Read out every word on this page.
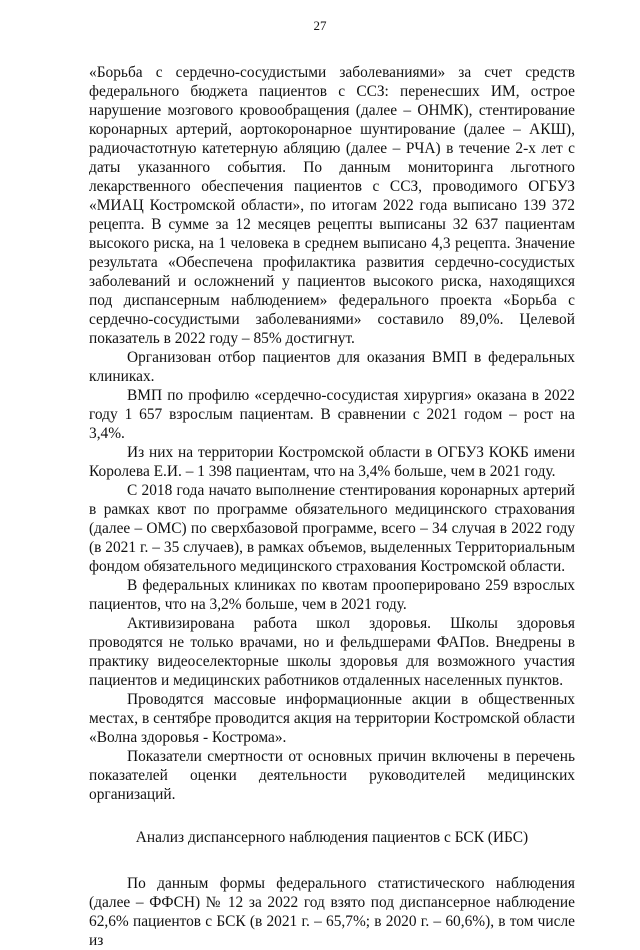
27

«Борьба с сердечно-сосудистыми заболеваниями» за счет средств федерального бюджета пациентов с ССЗ: перенесших ИМ, острое нарушение мозгового кровообращения (далее – ОНМК), стентирование коронарных артерий, аортокоронарное шунтирование (далее – АКШ), радиочастотную катетерную абляцию (далее – РЧА) в течение 2-х лет с даты указанного события. По данным мониторинга льготного лекарственного обеспечения пациентов с ССЗ, проводимого ОГБУЗ «МИАЦ Костромской области», по итогам 2022 года выписано 139 372 рецепта. В сумме за 12 месяцев рецепты выписаны 32 637 пациентам высокого риска, на 1 человека в среднем выписано 4,3 рецепта. Значение результата «Обеспечена профилактика развития сердечно-сосудистых заболеваний и осложнений у пациентов высокого риска, находящихся под диспансерным наблюдением» федерального проекта «Борьба с сердечно-сосудистыми заболеваниями» составило 89,0%. Целевой показатель в 2022 году – 85% достигнут.

Организован отбор пациентов для оказания ВМП в федеральных клиниках.

ВМП по профилю «сердечно-сосудистая хирургия» оказана в 2022 году 1 657 взрослым пациентам. В сравнении с 2021 годом – рост на 3,4%.

Из них на территории Костромской области в ОГБУЗ КОКБ имени Королева Е.И. – 1 398 пациентам, что на 3,4% больше, чем в 2021 году.

С 2018 года начато выполнение стентирования коронарных артерий в рамках квот по программе обязательного медицинского страхования (далее – ОМС) по сверхбазовой программе, всего – 34 случая в 2022 году (в 2021 г. – 35 случаев), в рамках объемов, выделенных Территориальным фондом обязательного медицинского страхования Костромской области.

В федеральных клиниках по квотам прооперировано 259 взрослых пациентов, что на 3,2% больше, чем в 2021 году.

Активизирована работа школ здоровья. Школы здоровья проводятся не только врачами, но и фельдшерами ФАПов. Внедрены в практику видеоселекторные школы здоровья для возможного участия пациентов и медицинских работников отдаленных населенных пунктов.

Проводятся массовые информационные акции в общественных местах, в сентябре проводится акция на территории Костромской области «Волна здоровья - Кострома».

Показатели смертности от основных причин включены в перечень показателей оценки деятельности руководителей медицинских организаций.

Анализ диспансерного наблюдения пациентов с БСК (ИБС)

По данным формы федерального статистического наблюдения (далее – ФФСН) № 12 за 2022 год взято под диспансерное наблюдение 62,6% пациентов с БСК (в 2021 г. – 65,7%; в 2020 г. – 60,6%), в том числе из
